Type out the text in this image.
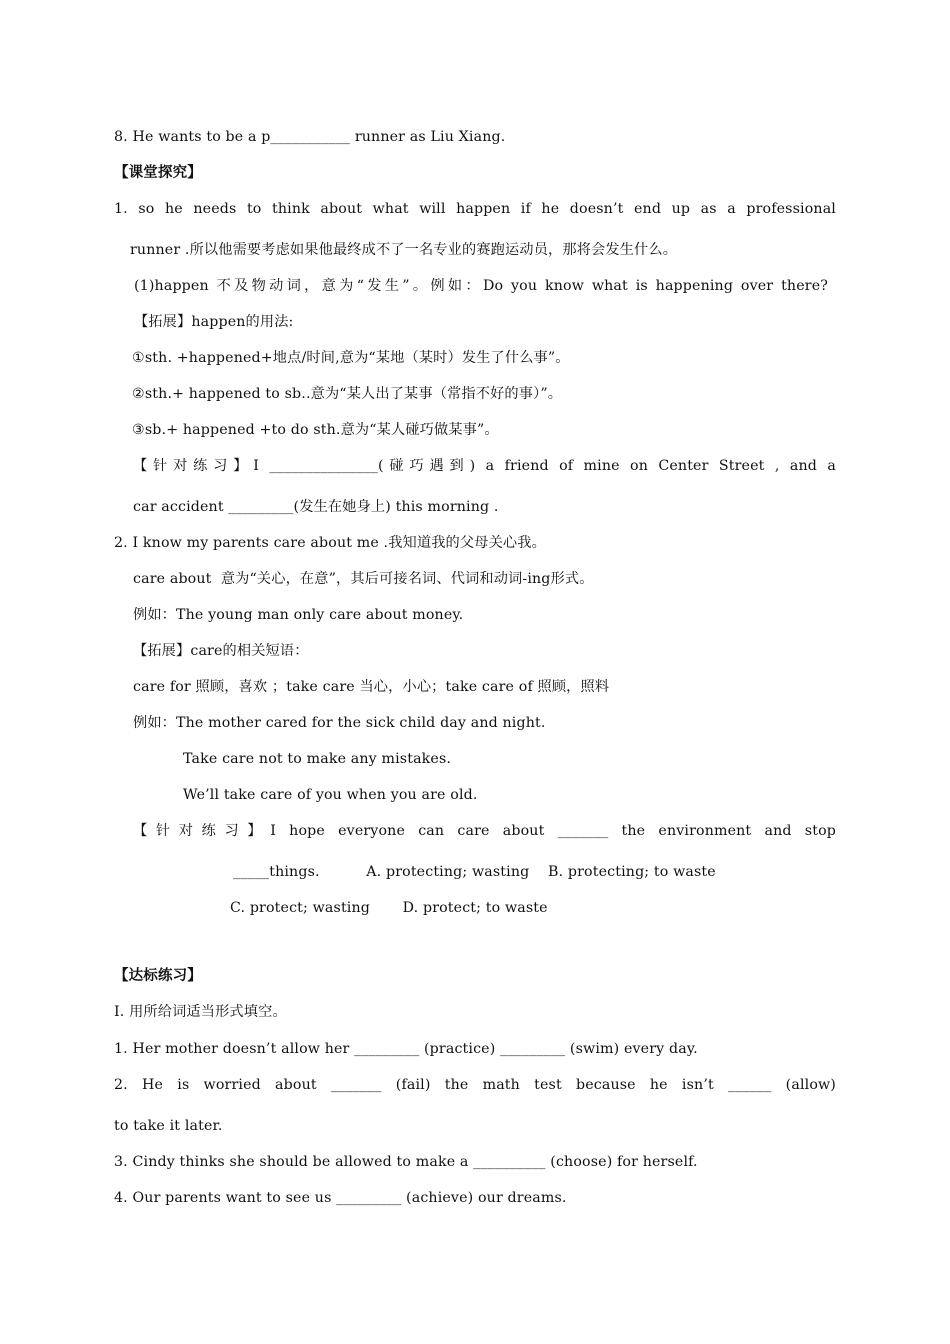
8. He wants to be a p___________ runner as Liu Xiang.
【课堂探究】
1. so he needs to think about what will happen if he doesn’t end up as a professional
runner .所以他需要考虑如果他最终成不了一名专业的赛跑运动员，那将会发生什么。
(1)happen 不及物动词，意为“发生”。例如：Do you know what is happening over there?
【拓展】happen的用法:
①sth. +happened+地点/时间,意为“某地（某时）发生了什么事”。
②sth.+ happened to sb..意为“某人出了某事（常指不好的事）”。
③sb.+ happened +to do sth.意为“某人碰巧做某事”。
【针对练习】I _______________(碰巧遇到) a friend of mine on Center Street , and a
car accident _________(发生在她身上) this morning .
2. I know my parents care about me .我知道我的父母关心我。
care about  意为“关心，在意”，其后可接名词、代词和动词-ing形式。
例如：The young man only care about money.
【拓展】care的相关短语：
care for 照顾，喜欢 ；take care 当心，小心；take care of 照顾，照料
例如：The mother cared for the sick child day and night.
Take care not to make any mistakes.
We’ll take care of you when you are old.
【针对练习】I hope everyone can care about _______ the environment and stop
_____things.          A. protecting; wasting    B. protecting; to waste
C. protect; wasting       D. protect; to waste
【达标练习】
I. 用所给词适当形式填空。
1. Her mother doesn’t allow her _________ (practice) _________ (swim) every day.
2. He is worried about _______ (fail) the math test because he isn’t ______ (allow)
to take it later.
3. Cindy thinks she should be allowed to make a __________ (choose) for herself.
4. Our parents want to see us _________ (achieve) our dreams.
